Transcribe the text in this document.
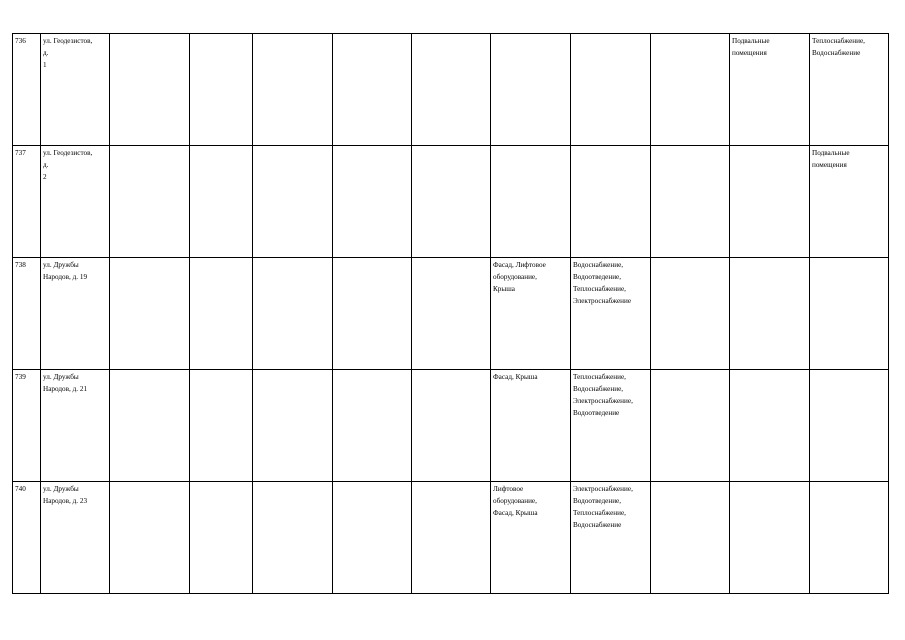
736	ул. Геодезистов,
д.
1									Подвальные
помещения	Теплоснабжение,
Водоснабжение

737	ул. Геодезистов,
д.
2										Подвальные
помещения

738	ул. Дружбы
Народов, д. 19						Фасад, Лифтовое
оборудование,
Крыша	Водоснабжение,
Водоотведение,
Теплоснабжение,
Электроснабжение			

739	ул. Дружбы
Народов, д. 21						Фасад, Крыша	Теплоснабжение,
Водоснабжение,
Электроснабжение,
Водоотведение			

740	ул. Дружбы
Народов, д. 23						Лифтовое
оборудование,
Фасад, Крыша	Электроснабжение,
Водоотведение,
Теплоснабжение,
Водоснабжение			
